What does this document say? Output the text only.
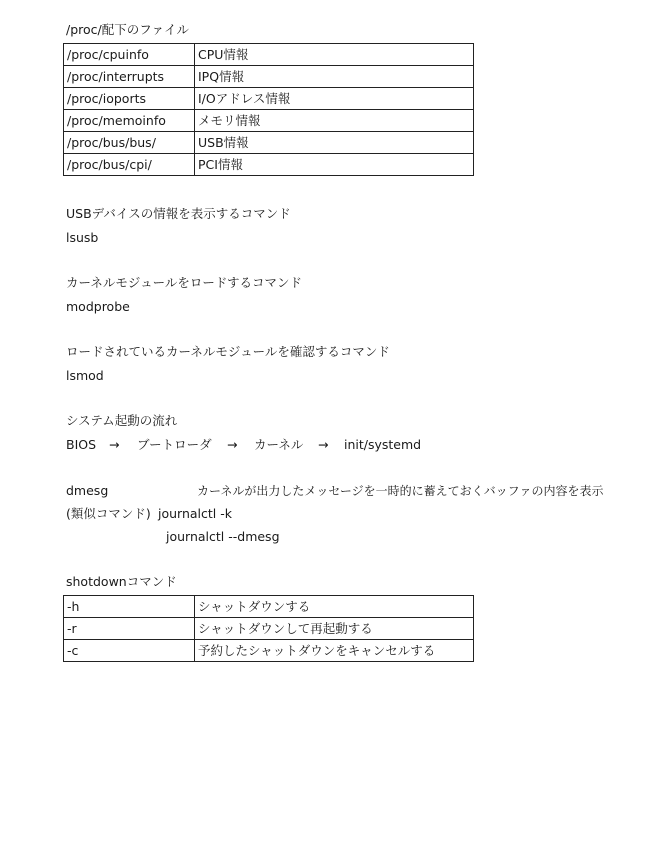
/proc/配下のファイル
/proc/cpuinfo	CPU情報
/proc/interrupts	IPQ情報
/proc/ioports	I/Oアドレス情報
/proc/memoinfo	メモリ情報
/proc/bus/bus/	USB情報
/proc/bus/cpi/	PCI情報
USBデバイスの情報を表示するコマンド
lsusb
カーネルモジュールをロードするコマンド
modprobe
ロードされているカーネルモジュールを確認するコマンド
lsmod
システム起動の流れ
BIOS → ブートローダ → カーネル → init/systemd
dmesg	カーネルが出力したメッセージを一時的に蓄えておくバッファの内容を表示
(類似コマンド) journalctl -k
journalctl --dmesg
shotdownコマンド
-h	シャットダウンする
-r	シャットダウンして再起動する
-c	予約したシャットダウンをキャンセルする
